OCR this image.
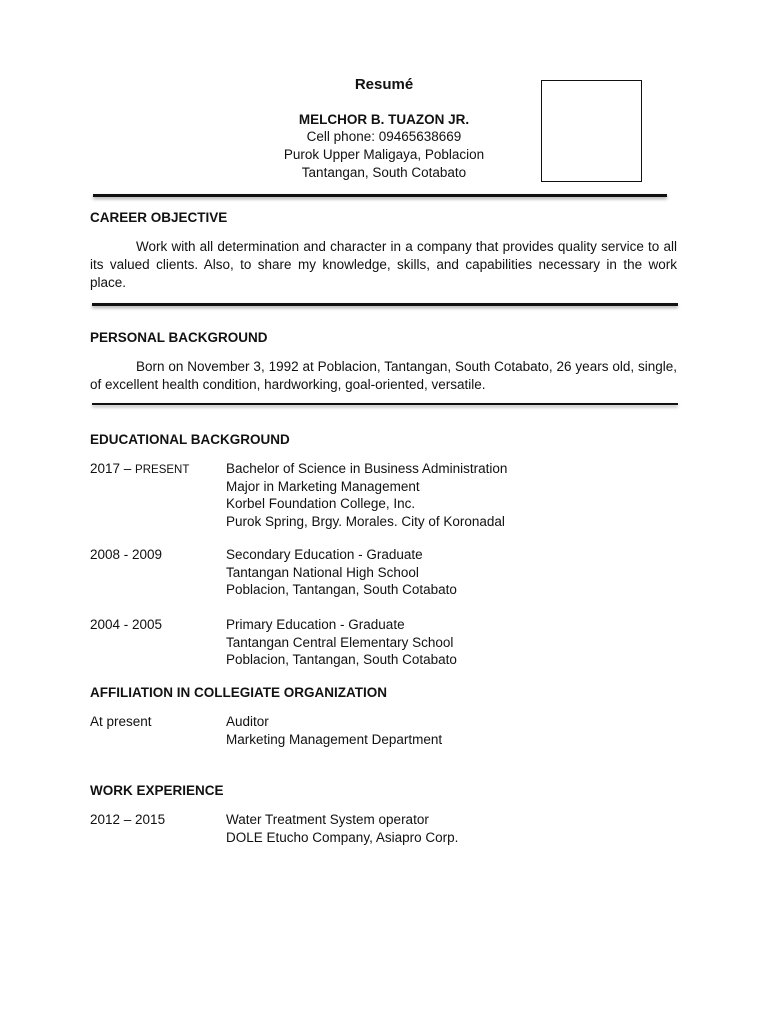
Resumé
MELCHOR B. TUAZON JR.
Cell phone: 09465638669
Purok Upper Maligaya, Poblacion
Tantangan, South Cotabato
CAREER OBJECTIVE

Work with all determination and character in a company that provides quality service to all its valued clients. Also, to share my knowledge, skills, and capabilities necessary in the work place.

PERSONAL BACKGROUND

Born on November 3, 1992 at Poblacion, Tantangan, South Cotabato, 26 years old, single, of excellent health condition, hardworking, goal-oriented, versatile.

EDUCATIONAL BACKGROUND
2017 – PRESENT	Bachelor of Science in Business Administration
Major in Marketing Management
Korbel Foundation College, Inc.
Purok Spring, Brgy. Morales. City of Koronadal
2008 - 2009	Secondary Education - Graduate
Tantangan National High School
Poblacion, Tantangan, South Cotabato
2004 - 2005	Primary Education - Graduate
Tantangan Central Elementary School
Poblacion, Tantangan, South Cotabato
AFFILIATION IN COLLEGIATE ORGANIZATION
At present	Auditor
Marketing Management Department
WORK EXPERIENCE
2012 – 2015	Water Treatment System operator
DOLE Etucho Company, Asiapro Corp.
